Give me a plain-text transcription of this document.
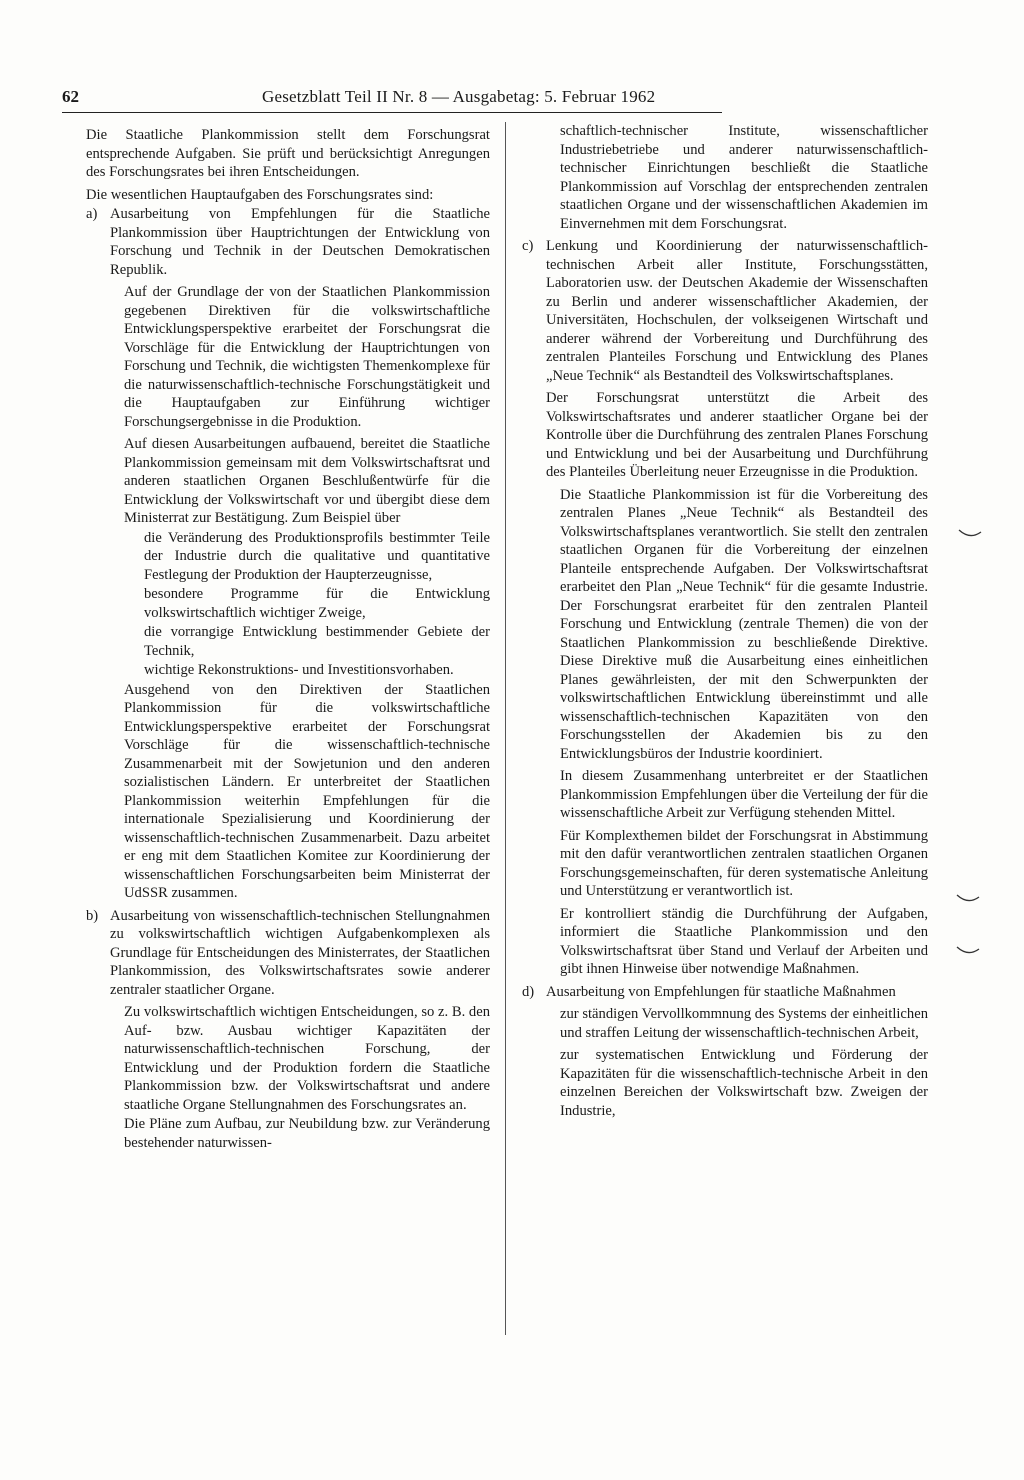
62	Gesetzblatt Teil II Nr. 8 — Ausgabetag: 5. Februar 1962

Die Staatliche Plankommission stellt dem Forschungsrat entsprechende Aufgaben. Sie prüft und berücksichtigt Anregungen des Forschungsrates bei ihren Entscheidungen.

Die wesentlichen Hauptaufgaben des Forschungsrates sind:

a) Ausarbeitung von Empfehlungen für die Staatliche Plankommission über Hauptrichtungen der Entwicklung von Forschung und Technik in der Deutschen Demokratischen Republik.

Auf der Grundlage der von der Staatlichen Plankommission gegebenen Direktiven für die volkswirtschaftliche Entwicklungsperspektive erarbeitet der Forschungsrat die Vorschläge für die Entwicklung der Hauptrichtungen von Forschung und Technik, die wichtigsten Themenkomplexe für die naturwissenschaftlich-technische Forschungstätigkeit und die Hauptaufgaben zur Einführung wichtiger Forschungsergebnisse in die Produktion.

Auf diesen Ausarbeitungen aufbauend, bereitet die Staatliche Plankommission gemeinsam mit dem Volkswirtschaftsrat und anderen staatlichen Organen Beschlußentwürfe für die Entwicklung der Volkswirtschaft vor und übergibt diese dem Ministerrat zur Bestätigung. Zum Beispiel über

die Veränderung des Produktionsprofils bestimmter Teile der Industrie durch die qualitative und quantitative Festlegung der Produktion der Haupterzeugnisse,

besondere Programme für die Entwicklung volkswirtschaftlich wichtiger Zweige,

die vorrangige Entwicklung bestimmender Gebiete der Technik,

wichtige Rekonstruktions- und Investitionsvorhaben.

Ausgehend von den Direktiven der Staatlichen Plankommission für die volkswirtschaftliche Entwicklungsperspektive erarbeitet der Forschungsrat Vorschläge für die wissenschaftlich-technische Zusammenarbeit mit der Sowjetunion und den anderen sozialistischen Ländern. Er unterbreitet der Staatlichen Plankommission weiterhin Empfehlungen für die internationale Spezialisierung und Koordinierung der wissenschaftlich-technischen Zusammenarbeit. Dazu arbeitet er eng mit dem Staatlichen Komitee zur Koordinierung der wissenschaftlichen Forschungsarbeiten beim Ministerrat der UdSSR zusammen.

b) Ausarbeitung von wissenschaftlich-technischen Stellungnahmen zu volkswirtschaftlich wichtigen Aufgabenkomplexen als Grundlage für Entscheidungen des Ministerrates, der Staatlichen Plankommission, des Volkswirtschaftsrates sowie anderer zentraler staatlicher Organe.

Zu volkswirtschaftlich wichtigen Entscheidungen, so z. B. den Auf- bzw. Ausbau wichtiger Kapazitäten der naturwissenschaftlich-technischen Forschung, der Entwicklung und der Produktion fordern die Staatliche Plankommission bzw. der Volkswirtschaftsrat und andere staatliche Organe Stellungnahmen des Forschungsrates an.

Die Pläne zum Aufbau, zur Neubildung bzw. zur Veränderung bestehender naturwissen-

schaftlich-technischer Institute, wissenschaftlicher Industriebetriebe und anderer naturwissenschaftlich-technischer Einrichtungen beschließt die Staatliche Plankommission auf Vorschlag der entsprechenden zentralen staatlichen Organe und der wissenschaftlichen Akademien im Einvernehmen mit dem Forschungsrat.

c) Lenkung und Koordinierung der naturwissenschaftlich-technischen Arbeit aller Institute, Forschungsstätten, Laboratorien usw. der Deutschen Akademie der Wissenschaften zu Berlin und anderer wissenschaftlicher Akademien, der Universitäten, Hochschulen, der volkseigenen Wirtschaft und anderer während der Vorbereitung und Durchführung des zentralen Planteiles Forschung und Entwicklung des Planes „Neue Technik“ als Bestandteil des Volkswirtschaftsplanes.

Der Forschungsrat unterstützt die Arbeit des Volkswirtschaftsrates und anderer staatlicher Organe bei der Kontrolle über die Durchführung des zentralen Planes Forschung und Entwicklung und bei der Ausarbeitung und Durchführung des Planteiles Überleitung neuer Erzeugnisse in die Produktion.

Die Staatliche Plankommission ist für die Vorbereitung des zentralen Planes „Neue Technik“ als Bestandteil des Volkswirtschaftsplanes verantwortlich. Sie stellt den zentralen staatlichen Organen für die Vorbereitung der einzelnen Planteile entsprechende Aufgaben. Der Volkswirtschaftsrat erarbeitet den Plan „Neue Technik“ für die gesamte Industrie. Der Forschungsrat erarbeitet für den zentralen Planteil Forschung und Entwicklung (zentrale Themen) die von der Staatlichen Plankommission zu beschließende Direktive. Diese Direktive muß die Ausarbeitung eines einheitlichen Planes gewährleisten, der mit den Schwerpunkten der volkswirtschaftlichen Entwicklung übereinstimmt und alle wissenschaftlich-technischen Kapazitäten von den Forschungsstellen der Akademien bis zu den Entwicklungsbüros der Industrie koordiniert.

In diesem Zusammenhang unterbreitet er der Staatlichen Plankommission Empfehlungen über die Verteilung der für die wissenschaftliche Arbeit zur Verfügung stehenden Mittel.

Für Komplexthemen bildet der Forschungsrat in Abstimmung mit den dafür verantwortlichen zentralen staatlichen Organen Forschungsgemeinschaften, für deren systematische Anleitung und Unterstützung er verantwortlich ist.

Er kontrolliert ständig die Durchführung der Aufgaben, informiert die Staatliche Plankommission und den Volkswirtschaftsrat über Stand und Verlauf der Arbeiten und gibt ihnen Hinweise über notwendige Maßnahmen.

d) Ausarbeitung von Empfehlungen für staatliche Maßnahmen

zur ständigen Vervollkommnung des Systems der einheitlichen und straffen Leitung der wissenschaftlich-technischen Arbeit,

zur systematischen Entwicklung und Förderung der Kapazitäten für die wissenschaftlich-technische Arbeit in den einzelnen Bereichen der Volkswirtschaft bzw. Zweigen der Industrie,
